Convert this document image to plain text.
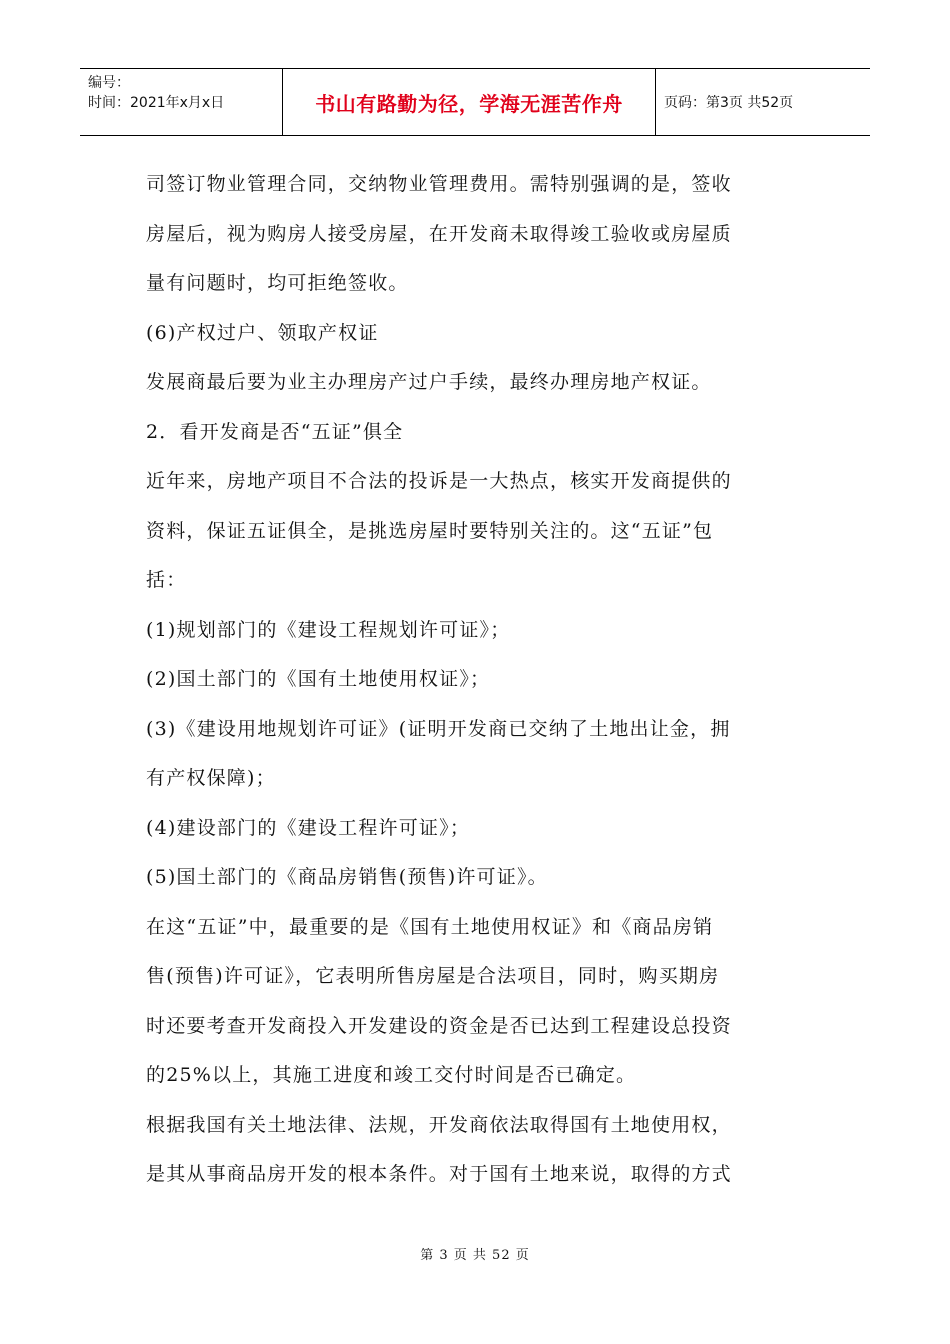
编号：
时间：2021年x月x日	书山有路勤为径，学海无涯苦作舟	页码：第3页 共52页

司签订物业管理合同，交纳物业管理费用。需特别强调的是，签收

房屋后，视为购房人接受房屋，在开发商未取得竣工验收或房屋质

量有问题时，均可拒绝签收。

(6)产权过户、领取产权证

发展商最后要为业主办理房产过户手续，最终办理房地产权证。

2．看开发商是否“五证”俱全

近年来，房地产项目不合法的投诉是一大热点，核实开发商提供的

资料，保证五证俱全，是挑选房屋时要特别关注的。这“五证”包

括：

(1)规划部门的《建设工程规划许可证》；

(2)国土部门的《国有土地使用权证》；

(3)《建设用地规划许可证》(证明开发商已交纳了土地出让金，拥

有产权保障)；

(4)建设部门的《建设工程许可证》；

(5)国土部门的《商品房销售(预售)许可证》。

在这“五证”中，最重要的是《国有土地使用权证》和《商品房销

售(预售)许可证》，它表明所售房屋是合法项目，同时，购买期房

时还要考查开发商投入开发建设的资金是否已达到工程建设总投资

的25%以上，其施工进度和竣工交付时间是否已确定。

根据我国有关土地法律、法规，开发商依法取得国有土地使用权，

是其从事商品房开发的根本条件。对于国有土地来说，取得的方式

第 3 页 共 52 页
